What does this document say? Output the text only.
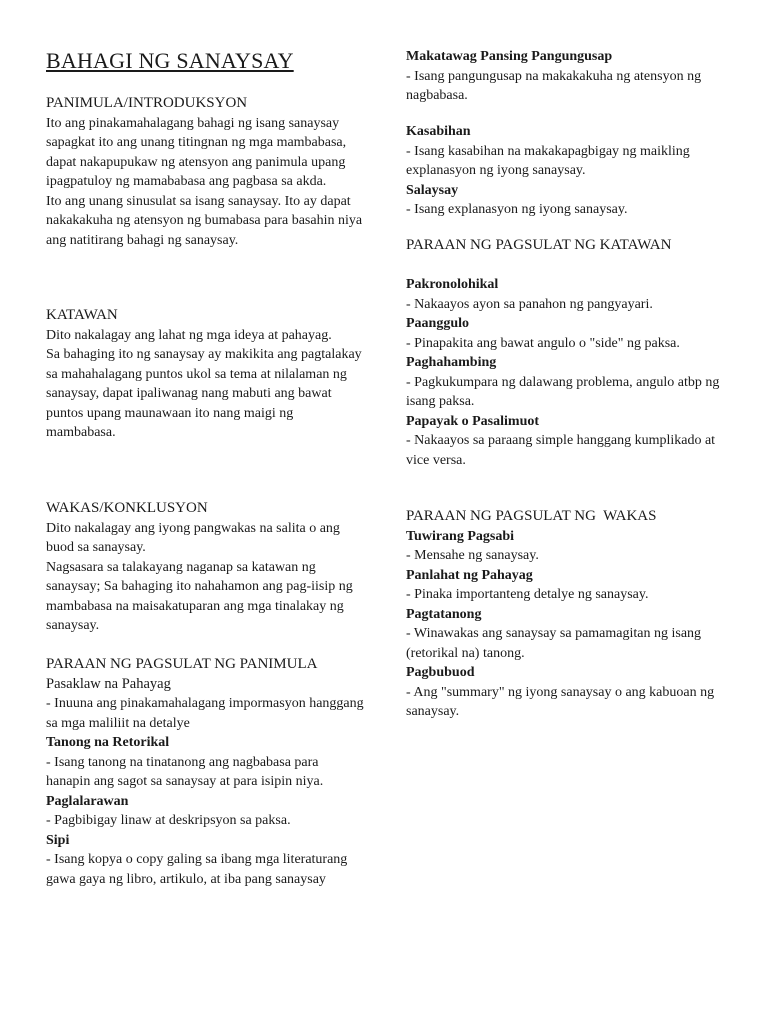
BAHAGI NG SANAYSAY
PANIMULA/INTRODUKSYON

Ito ang pinakamahalagang bahagi ng isang sanaysay sapagkat ito ang unang titingnan ng mga mambabasa, dapat nakapupukaw ng atensyon ang panimula upang ipagpatuloy ng mamababasa ang pagbasa sa akda.

Ito ang unang sinusulat sa isang sanaysay. Ito ay dapat nakakakuha ng atensyon ng bumabasa para basahin niya ang natitirang bahagi ng sanaysay.

KATAWAN

Dito nakalagay ang lahat ng mga ideya at pahayag.

Sa bahaging ito ng sanaysay ay makikita ang pagtalakay sa mahahalagang puntos ukol sa tema at nilalaman ng sanaysay, dapat ipaliwanag nang mabuti ang bawat puntos upang maunawaan ito nang maigi ng mambabasa.

WAKAS/KONKLUSYON

Dito nakalagay ang iyong pangwakas na salita o ang buod sa sanaysay.

Nagsasara sa talakayang naganap sa katawan ng sanaysay; Sa bahaging ito nahahamon ang pag-iisip ng mambabasa na maisakatuparan ang mga tinalakay ng sanaysay.

PARAAN NG PAGSULAT NG PANIMULA
Pasaklaw na Pahayag

- Inuuna ang pinakamahalagang impormasyon hanggang sa mga maliliit na detalye

Tanong na Retorikal

- Isang tanong na tinatanong ang nagbabasa para hanapin ang sagot sa sanaysay at para isipin niya.

Paglalarawan

- Pagbibigay linaw at deskripsyon sa paksa.

Sipi

- Isang kopya o copy galing sa ibang mga literaturang gawa gaya ng libro, artikulo, at iba pang sanaysay

Makatawag Pansing Pangungusap

- Isang pangungusap na makakakuha ng atensyon ng nagbabasa.

Kasabihan

- Isang kasabihan na makakapagbigay ng maikling explanasyon ng iyong sanaysay.

Salaysay

- Isang explanasyon ng iyong sanaysay.

PARAAN NG PAGSULAT NG KATAWAN
Pakronolohikal

- Nakaayos ayon sa panahon ng pangyayari.

Paanggulo

- Pinapakita ang bawat angulo o "side" ng paksa.

Paghahambing

- Pagkukumpara ng dalawang problema, angulo atbp ng isang paksa.

Papayak o Pasalimuot

- Nakaayos sa paraang simple hanggang kumplikado at vice versa.

PARAAN NG PAGSULAT NG  WAKAS
Tuwirang Pagsabi

- Mensahe ng sanaysay.

Panlahat ng Pahayag

- Pinaka importanteng detalye ng sanaysay.

Pagtatanong

- Winawakas ang sanaysay sa pamamagitan ng isang (retorikal na) tanong.

Pagbubuod

- Ang "summary" ng iyong sanaysay o ang kabuoan ng sanaysay.
